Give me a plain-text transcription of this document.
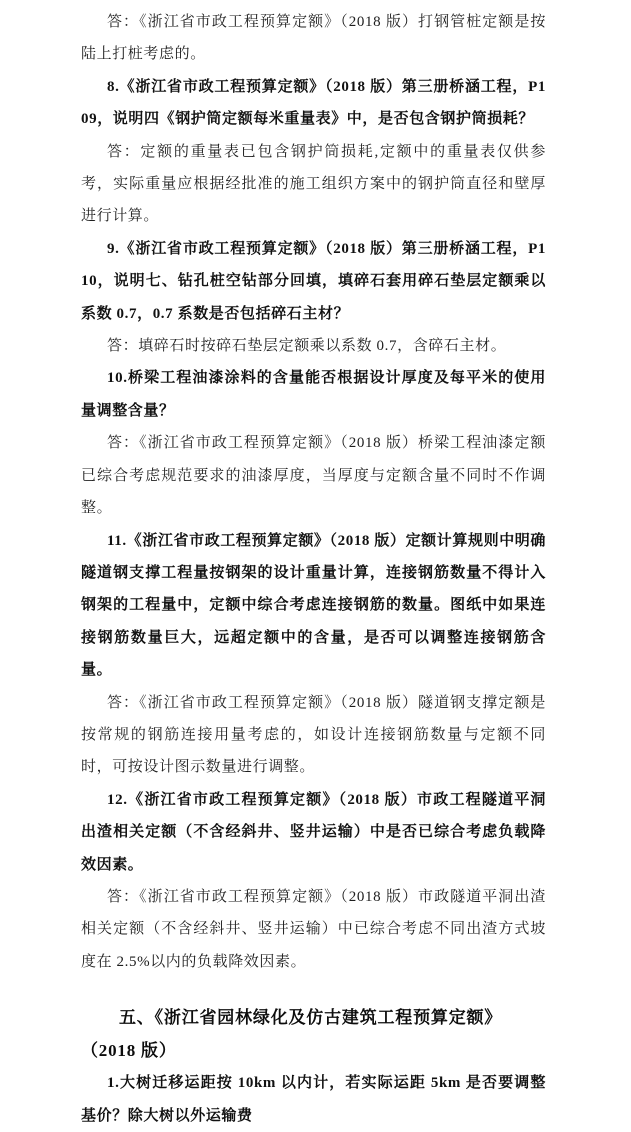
答：《浙江省市政工程预算定额》（2018 版）打钢管桩定额是按陆上打桩考虑的。

8.《浙江省市政工程预算定额》（2018 版）第三册桥涵工程，P109，说明四《钢护筒定额每米重量表》中，是否包含钢护筒损耗？

答：定额的重量表已包含钢护筒损耗,定额中的重量表仅供参考，实际重量应根据经批准的施工组织方案中的钢护筒直径和壁厚进行计算。

9.《浙江省市政工程预算定额》（2018 版）第三册桥涵工程，P110，说明七、钻孔桩空钻部分回填，填碎石套用碎石垫层定额乘以系数 0.7，0.7 系数是否包括碎石主材？

答：填碎石时按碎石垫层定额乘以系数 0.7，含碎石主材。

10.桥梁工程油漆涂料的含量能否根据设计厚度及每平米的使用量调整含量？

答：《浙江省市政工程预算定额》（2018 版）桥梁工程油漆定额已综合考虑规范要求的油漆厚度，当厚度与定额含量不同时不作调整。

11.《浙江省市政工程预算定额》（2018 版）定额计算规则中明确隧道钢支撑工程量按钢架的设计重量计算，连接钢筋数量不得计入钢架的工程量中，定额中综合考虑连接钢筋的数量。图纸中如果连接钢筋数量巨大，远超定额中的含量，是否可以调整连接钢筋含量。

答：《浙江省市政工程预算定额》（2018 版）隧道钢支撑定额是按常规的钢筋连接用量考虑的，如设计连接钢筋数量与定额不同时，可按设计图示数量进行调整。

12.《浙江省市政工程预算定额》（2018 版）市政工程隧道平洞出渣相关定额（不含经斜井、竖井运输）中是否已综合考虑负载降效因素。

答：《浙江省市政工程预算定额》（2018 版）市政隧道平洞出渣相关定额（不含经斜井、竖井运输）中已综合考虑不同出渣方式坡度在 2.5%以内的负载降效因素。

五、《浙江省园林绿化及仿古建筑工程预算定额》（2018 版）

1.大树迁移运距按 10km 以内计，若实际运距 5km 是否要调整基价？除大树以外运输费
